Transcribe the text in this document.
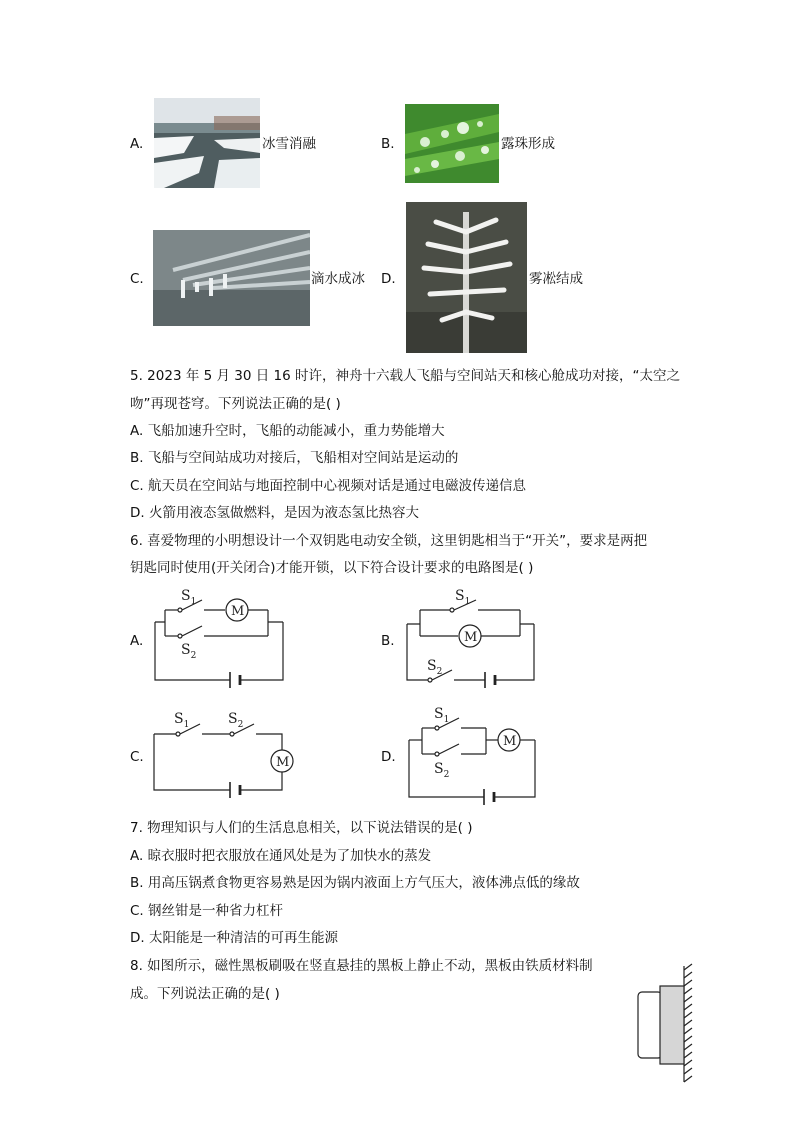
A.	冰雪消融	B.	露珠形成
C.	滴水成冰 D.	雾凇结成
5. 2023 年 5 月 30 日 16 时许，神舟十六载人飞船与空间站天和核心舱成功对接，“太空之
吻”再现苍穹。下列说法正确的是( )
A. 飞船加速升空时，飞船的动能减小，重力势能增大
B. 飞船与空间站成功对接后，飞船相对空间站是运动的
C. 航天员在空间站与地面控制中心视频对话是通过电磁波传递信息
D. 火箭用液态氢做燃料，是因为液态氢比热容大
6. 喜爱物理的小明想设计一个双钥匙电动安全锁，这里钥匙相当于“开关”，要求是两把
钥匙同时使用(开关闭合)才能开锁，以下符合设计要求的电路图是( )
A.
$S_1$
$S_2$
M
B.
$S_1$
$S_2$
M
C.
$S_1$	$S_2$
M	D.
$S_1$
$S_2$
M
7. 物理知识与人们的生活息息相关，以下说法错误的是( )
A. 晾衣服时把衣服放在通风处是为了加快水的蒸发
B. 用高压锅煮食物更容易熟是因为锅内液面上方气压大，液体沸点低的缘故
C. 钢丝钳是一种省力杠杆
D. 太阳能是一种清洁的可再生能源
8. 如图所示，磁性黑板刷吸在竖直悬挂的黑板上静止不动，黑板由铁质材料制
成。下列说法正确的是( )
